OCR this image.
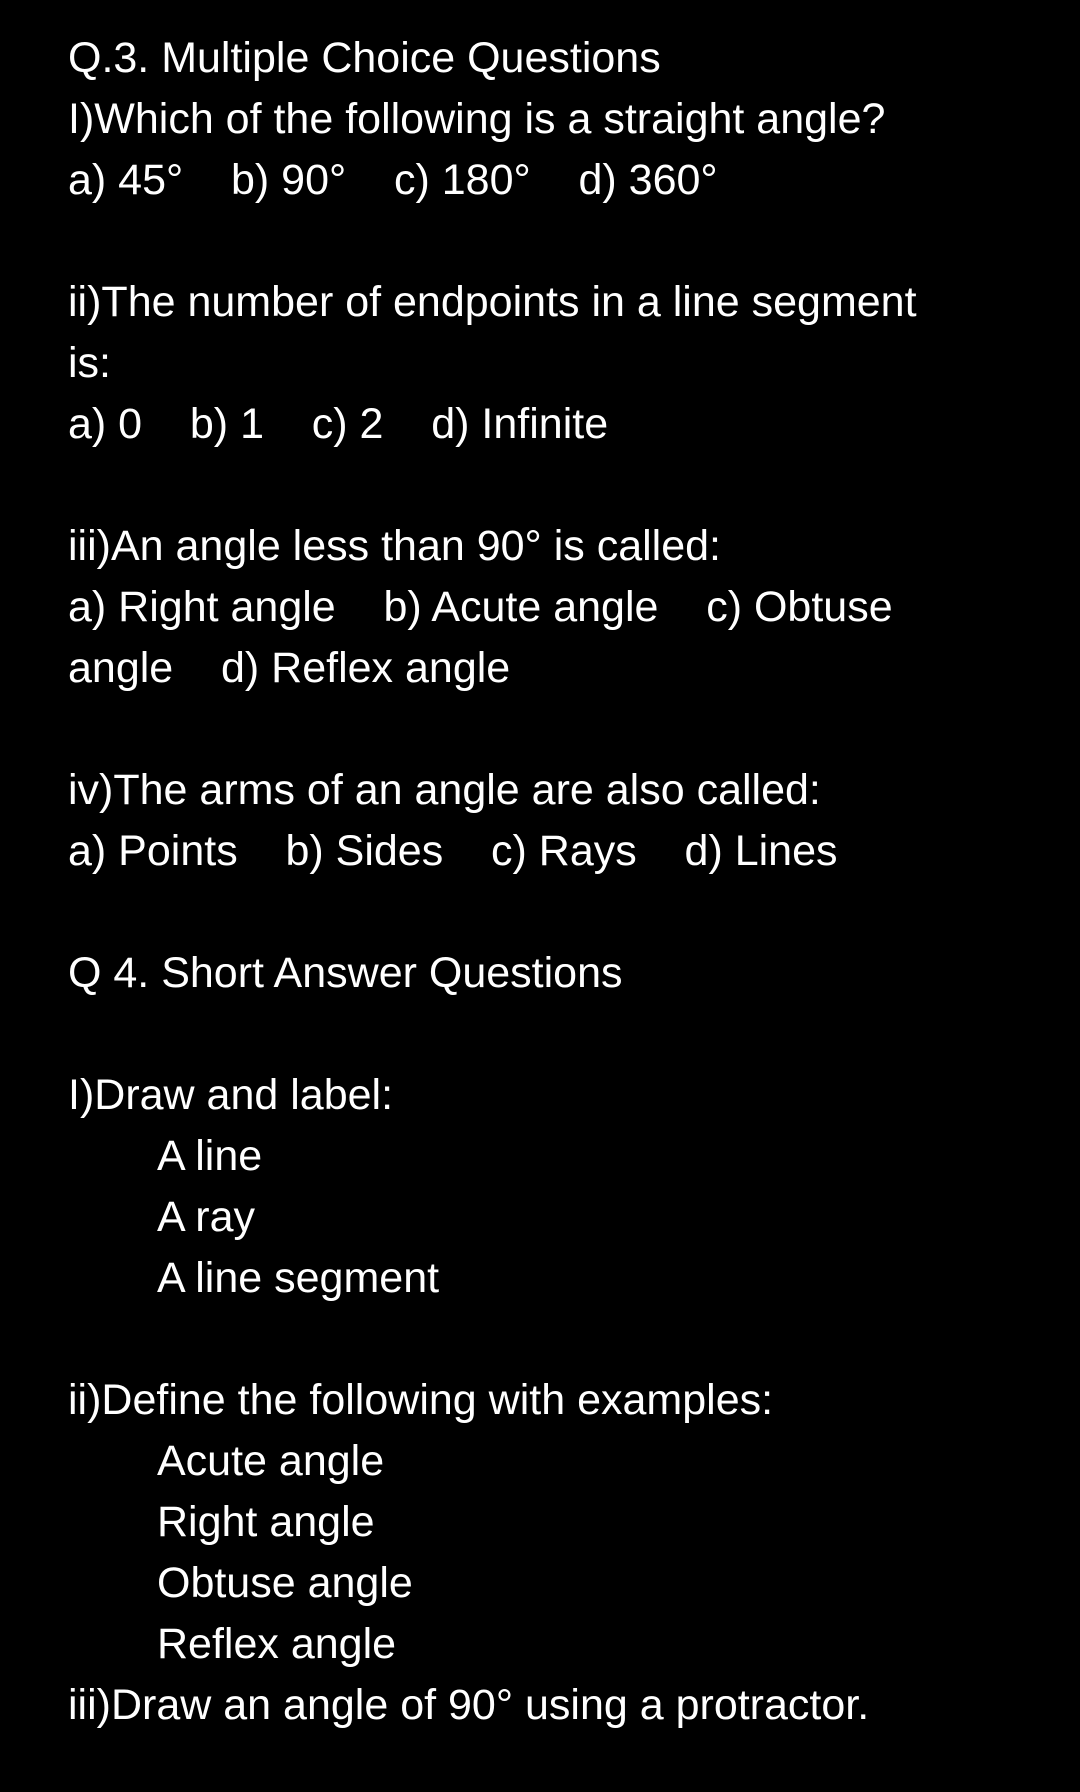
Q.3. Multiple Choice Questions
I)Which of the following is a straight angle?
a) 45°    b) 90°    c) 180°    d) 360°
ii)The number of endpoints in a line segment
is:
a) 0    b) 1    c) 2    d) Infinite
iii)An angle less than 90° is called:
a) Right angle    b) Acute angle    c) Obtuse
angle    d) Reflex angle
iv)The arms of an angle are also called:
a) Points    b) Sides    c) Rays    d) Lines
Q 4. Short Answer Questions
I)Draw and label:
A line
A ray
A line segment
ii)Define the following with examples:
Acute angle
Right angle
Obtuse angle
Reflex angle
iii)Draw an angle of 90° using a protractor.
